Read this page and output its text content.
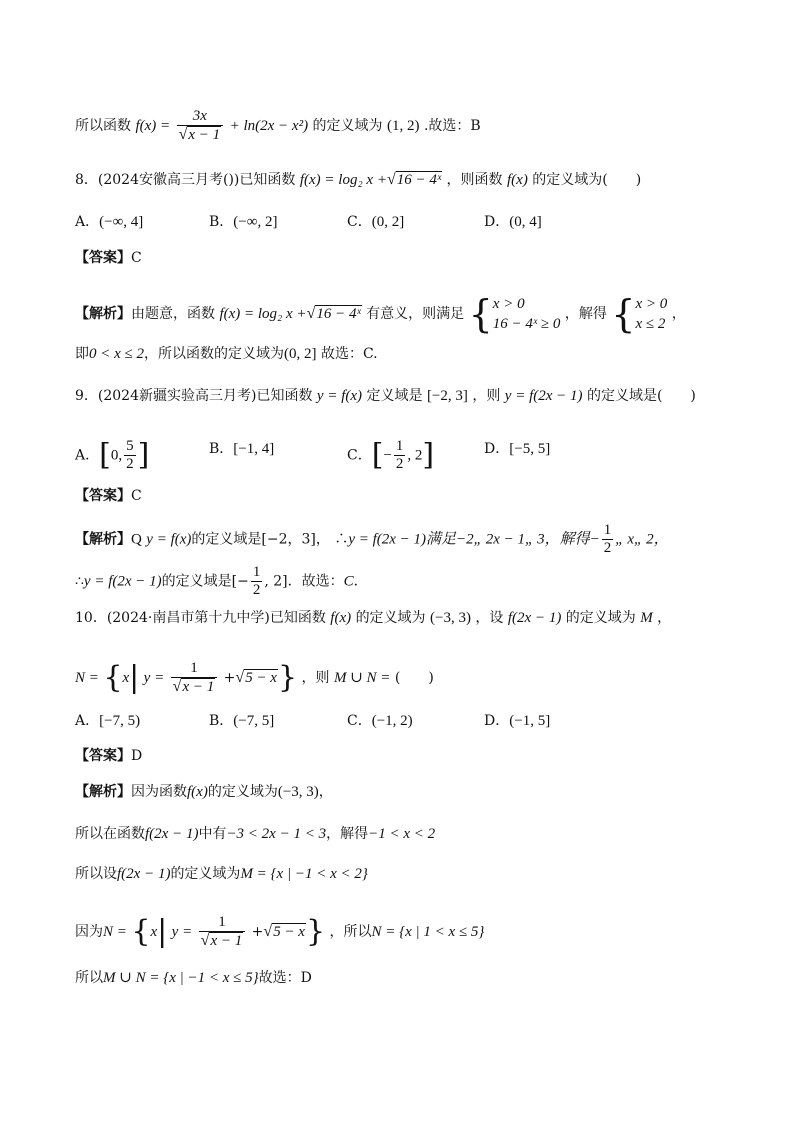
所以函数 $f(x) = \frac{3x}{√x - 1} + \ln(2x - x^2)$ 的定义域为 (1, 2) .故选：B
8．(2024安徽高三月考())已知函数 f(x) = log₂ x +√16 − 4ˣ ，则函数 f(x) 的定义域为(　　)
A．(−∞, 4]	B．(−∞, 2]	C．(0, 2]	D．(0, 4]
【答案】C
【解析】由题意，函数 f(x) = log₂ x +√16 − 4ˣ 有意义，则满足 { x > 0
16 − 4ˣ ≥ 0
，解得 { x > 0
x ≤ 2
，
即0 < x ≤ 2，所以函数的定义域为(0, 2] 故选：C.
9．(2024新疆实验高三月考)已知函数 y = f(x) 定义域是 [−2, 3] ，则 y = f(2x − 1) 的定义域是(　　)
A．[0, $\frac{5}{2}$ ]	B．[−1, 4]	C．[− $\frac{1}{2}$ , 2]	D．[−5, 5]
【答案】C
【解析】Q y = f(x)的定义域是[−2，3]， ∴y = f(2x − 1)满足−2„ 2x − 1„ 3，解得− $\frac{1}{2}$ „ x„ 2，
∴y = f(2x − 1)的定义域是[− $\frac{1}{2}$ , 2]．故选：C．
10．(2024·南昌市第十九中学)已知函数 f(x) 的定义域为 (−3, 3) ，设 f(2x − 1) 的定义域为 M ，
N = {x| $y = \frac{1}{√x - 1} +√5 - x$} ，则 M ∪ N = (　　)
A．[−7, 5)	B．(−7, 5]	C．(−1, 2)	D．(−1, 5]
【答案】D
【解析】因为函数f(x)的定义域为(−3, 3)，
所以在函数f(2x − 1)中有−3 < 2x − 1 < 3，解得−1 < x < 2
所以设f(2x − 1)的定义域为M = {x | −1 < x < 2}
因为N = {x| $y = \frac{1}{√x - 1} +√5 - x$} ，所以N = {x | 1 < x ≤ 5}
所以M ∪ N = {x | −1 < x ≤ 5}故选：D
